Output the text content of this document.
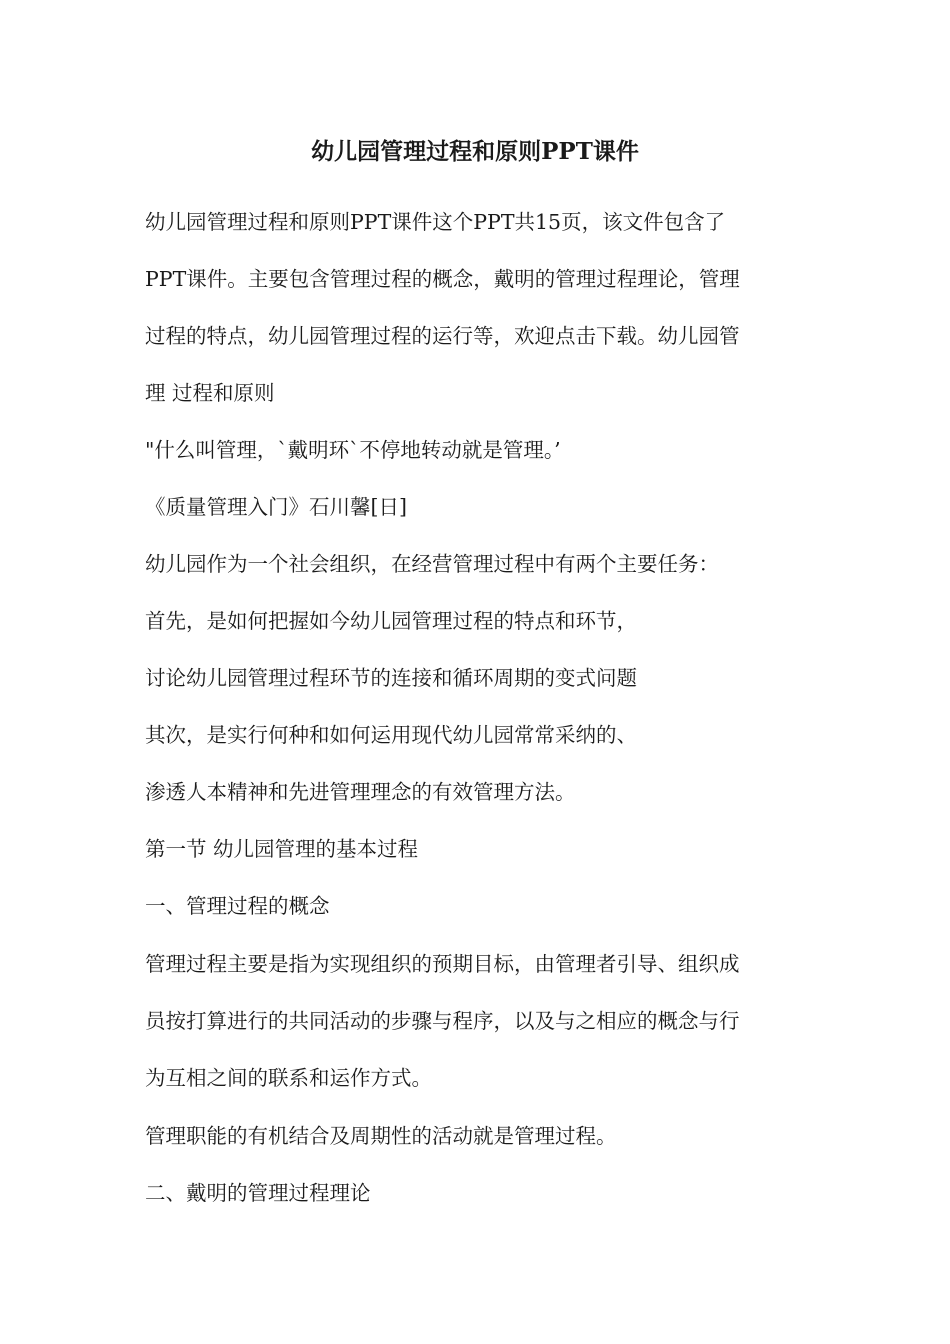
幼儿园管理过程和原则PPT课件
幼儿园管理过程和原则PPT课件这个PPT共15页，该文件包含了
PPT课件。主要包含管理过程的概念，戴明的管理过程理论，管理
过程的特点，幼儿园管理过程的运行等，欢迎点击下载。幼儿园管
理 过程和原则
"什么叫管理，`戴明环`不停地转动就是管理。’
《质量管理入门》石川馨[日]
幼儿园作为一个社会组织，在经营管理过程中有两个主要任务：
首先，是如何把握如今幼儿园管理过程的特点和环节，
讨论幼儿园管理过程环节的连接和循环周期的变式问题
其次，是实行何种和如何运用现代幼儿园常常采纳的、
渗透人本精神和先进管理理念的有效管理方法。
第一节 幼儿园管理的基本过程
一、管理过程的概念
管理过程主要是指为实现组织的预期目标，由管理者引导、组织成
员按打算进行的共同活动的步骤与程序，以及与之相应的概念与行
为互相之间的联系和运作方式。
管理职能的有机结合及周期性的活动就是管理过程。
二、戴明的管理过程理论
